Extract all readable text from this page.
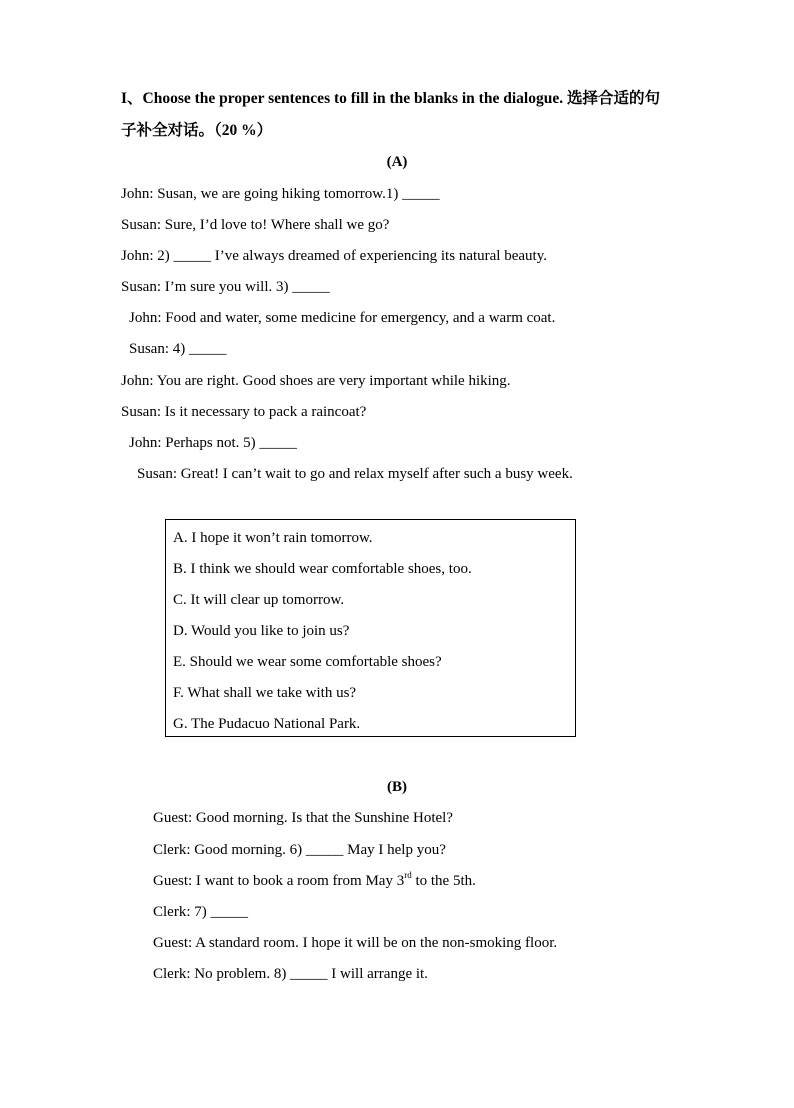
I、Choose the proper sentences to fill in the blanks in the dialogue. 选择合适的句
子补全对话。（20 %）
(A)
John: Susan, we are going hiking tomorrow.1) _____
Susan: Sure, I’d love to! Where shall we go?
John: 2) _____ I’ve always dreamed of experiencing its natural beauty.
Susan: I’m sure you will. 3) _____
John: Food and water, some medicine for emergency, and a warm coat.
Susan: 4) _____
John: You are right. Good shoes are very important while hiking.
Susan: Is it necessary to pack a raincoat?
John: Perhaps not. 5) _____
Susan: Great! I can’t wait to go and relax myself after such a busy week.
A. I hope it won’t rain tomorrow.
B. I think we should wear comfortable shoes, too.
C. It will clear up tomorrow.
D. Would you like to join us?
E. Should we wear some comfortable shoes?
F. What shall we take with us?
G. The Pudacuo National Park.
(B)
Guest: Good morning. Is that the Sunshine Hotel?
Clerk: Good morning. 6) _____ May I help you?
Guest: I want to book a room from May 3rd to the 5th.
Clerk: 7) _____
Guest: A standard room. I hope it will be on the non-smoking floor.
Clerk: No problem. 8) _____ I will arrange it.
